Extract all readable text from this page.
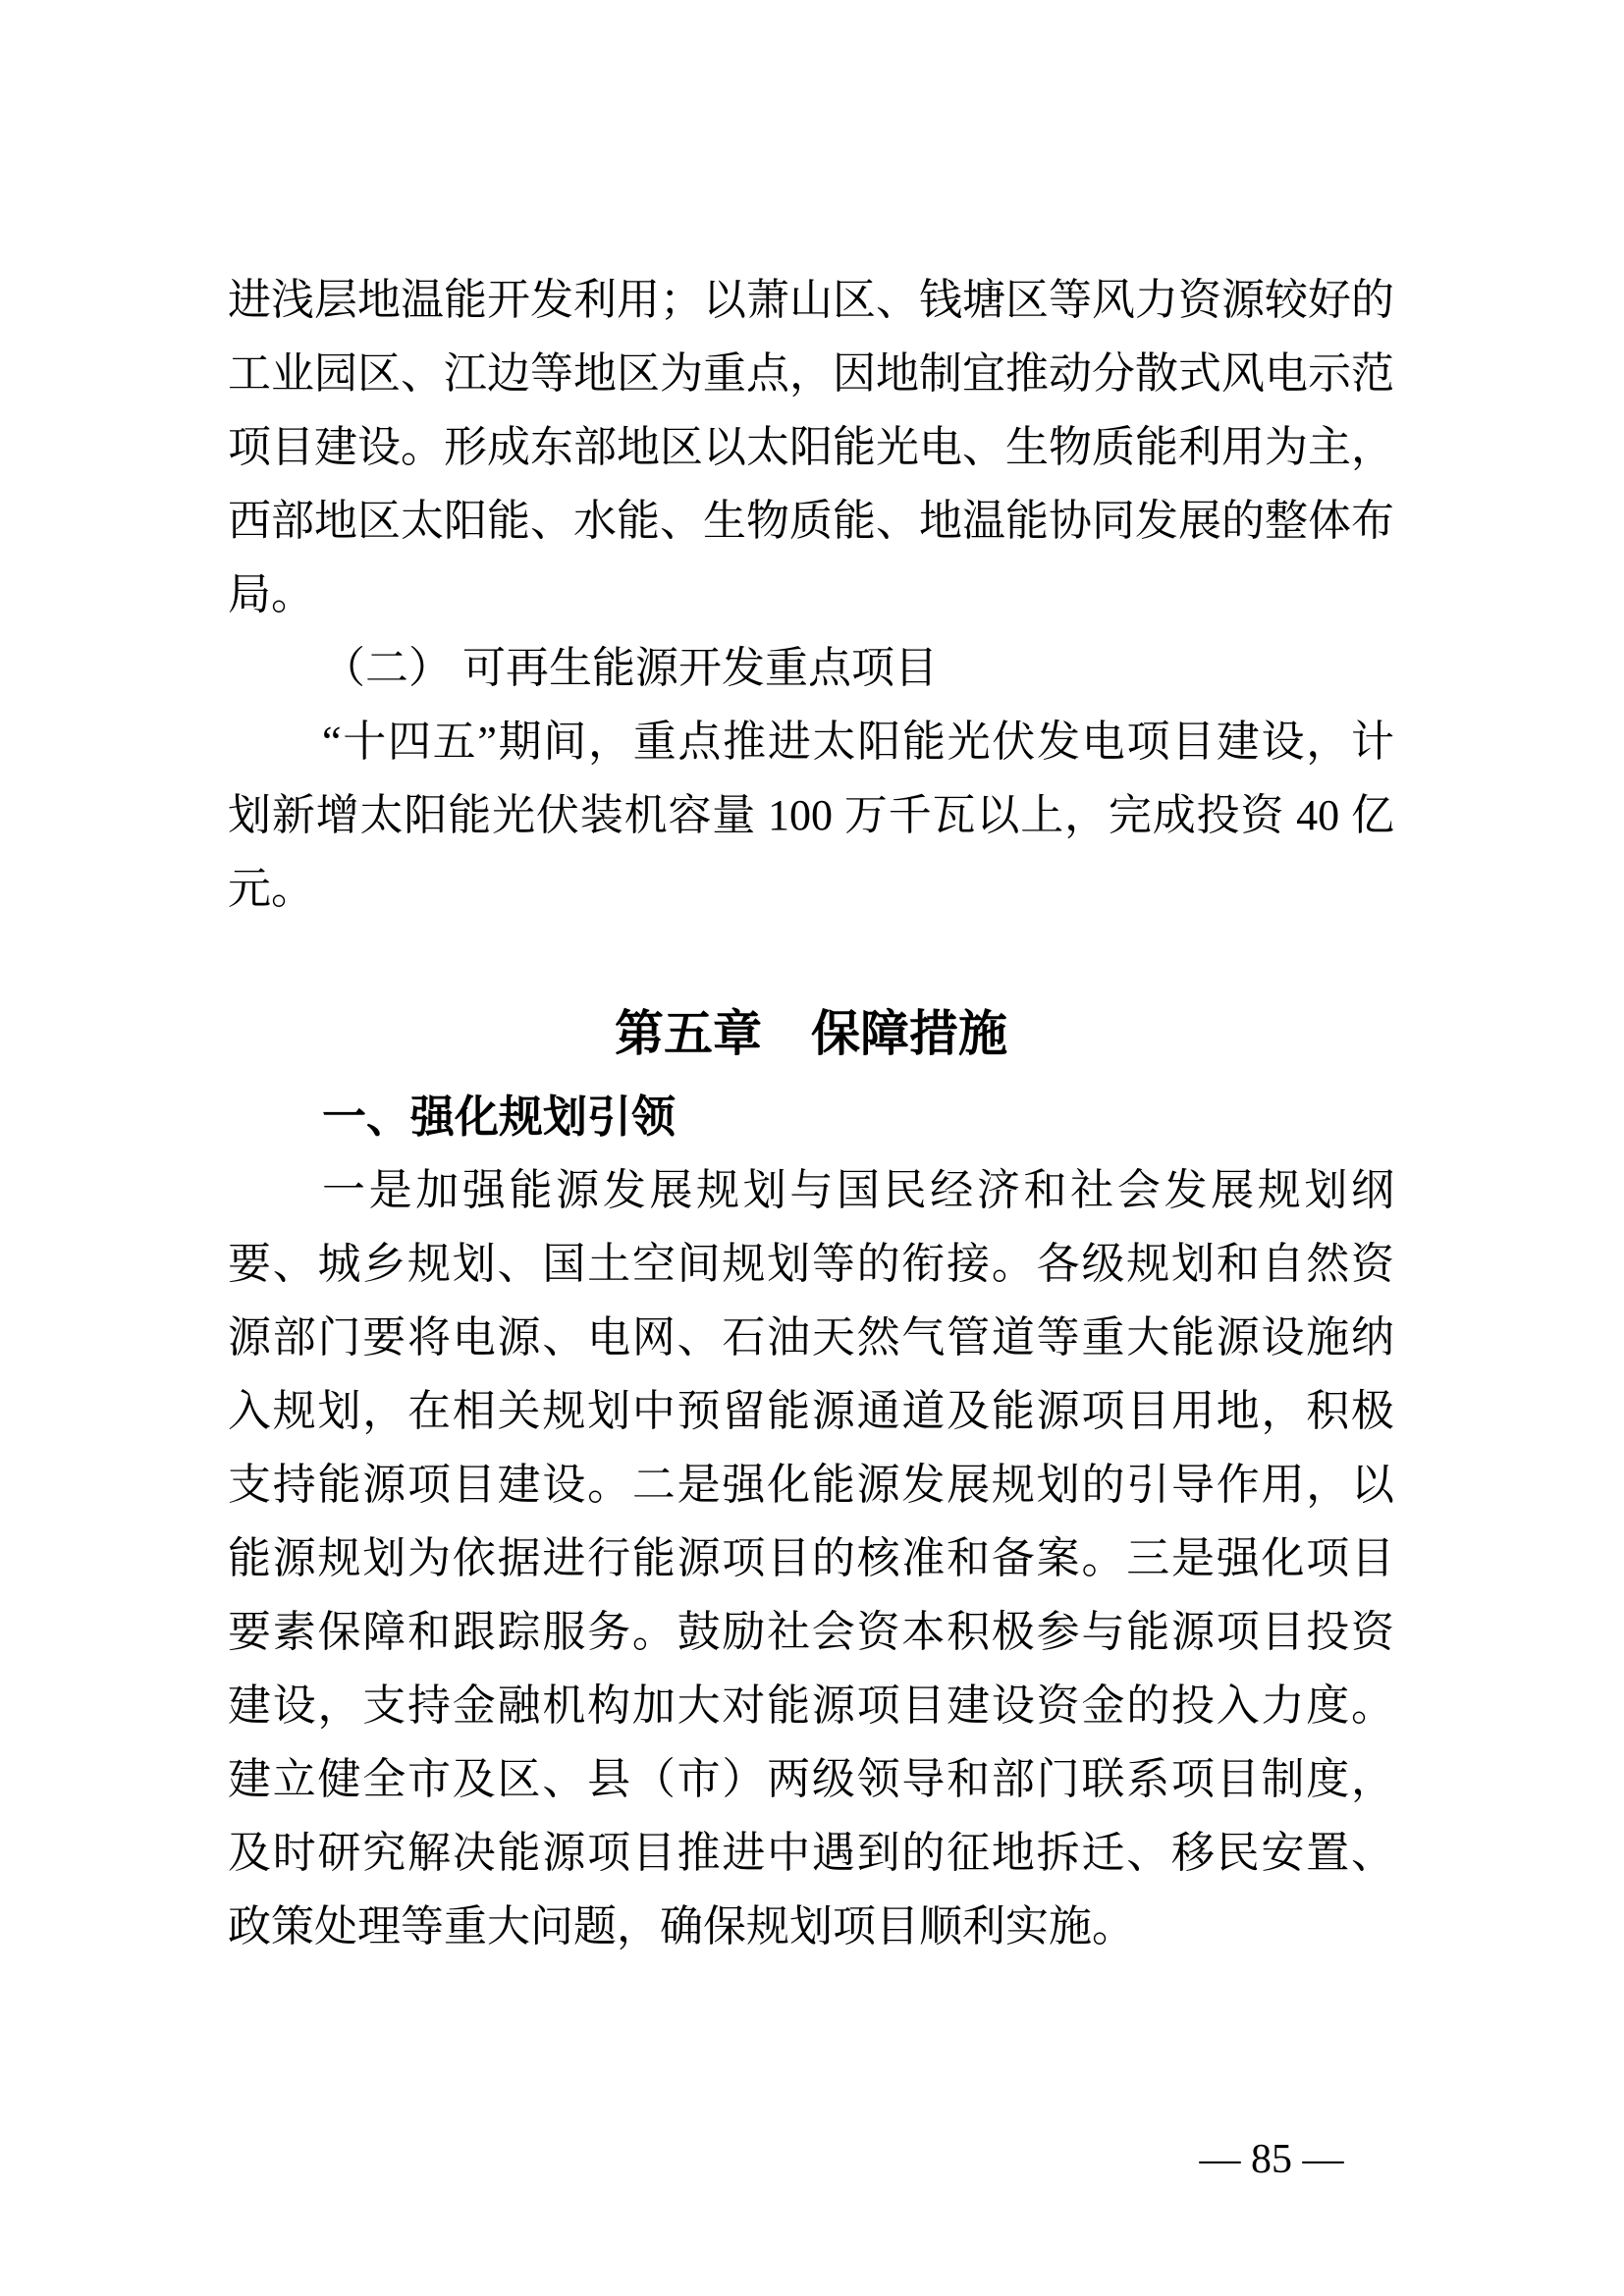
进浅层地温能开发利用；以萧山区、钱塘区等风力资源较好的
工业园区、江边等地区为重点，因地制宜推动分散式风电示范
项目建设。形成东部地区以太阳能光电、生物质能利用为主，
西部地区太阳能、水能、生物质能、地温能协同发展的整体布
局。
（二） 可再生能源开发重点项目
“十四五”期间，重点推进太阳能光伏发电项目建设，计
划新增太阳能光伏装机容量 100 万千瓦以上，完成投资 40 亿
元。
第五章　保障措施
一、强化规划引领
一是加强能源发展规划与国民经济和社会发展规划纲
要、城乡规划、国土空间规划等的衔接。各级规划和自然资
源部门要将电源、电网、石油天然气管道等重大能源设施纳
入规划，在相关规划中预留能源通道及能源项目用地，积极
支持能源项目建设。二是强化能源发展规划的引导作用，以
能源规划为依据进行能源项目的核准和备案。三是强化项目
要素保障和跟踪服务。鼓励社会资本积极参与能源项目投资
建设，支持金融机构加大对能源项目建设资金的投入力度。
建立健全市及区、县（市）两级领导和部门联系项目制度，
及时研究解决能源项目推进中遇到的征地拆迁、移民安置、
政策处理等重大问题，确保规划项目顺利实施。
— 85 —
